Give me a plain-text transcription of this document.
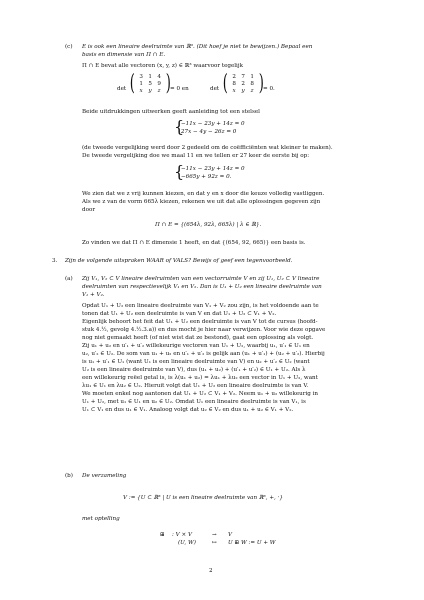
(c) E is ook een lineaire deelruimte van ℝ³. (Dit hoef je niet te bewijzen.) Bepaal een
basis en dimensie van Π ∩ E.
Π ∩ E bevat alle vectoren (x, y, z) ∈ ℝ³ waarvoor tegelijk
det ( 3 1 4
1 5 9
x	y	z ) = 0 en	det ( 2 7 1
8 2 8
x	y	z ) = 0.
Beide uitdrukkingen uitwerken geeft aanleiding tot een stelsel
{
−11x − 23y + 14z = 0
27x − 4y − 26z = 0
(de tweede vergelijking werd door 2 gedeeld om de coëfficiënten wat kleiner te maken).
De tweede vergelijking doe we maal 11 en we tellen er 27 keer de eerste bij op:
{
−11x − 23y + 14z = 0
−665y + 92z = 0.
We zien dat we z vrij kunnen kiezen, en dat y en x door die keuze volledig vastliggen.
Als we z van de vorm 665λ kiezen, rekenen we uit dat alle oplossingen gegeven zijn
door
Π ∩ E = {(654λ, 92λ, 665λ) | λ ∈ ℝ}.
Zo vinden we dat Π ∩ E dimensie 1 heeft, en dat {(654, 92, 665)} een basis is.
3. Zijn de volgende uitspraken WAAR of VALS? Bewijs of geef een tegenvoorbeeld.
(a) Zij V₁, V₂ ⊂ V lineaire deelruimten van een vectorruimte V en zij U₁, U₂ ⊂ V lineaire
deelruimten van respectievelijk V₁ en V₂. Dan is U₁ + U₂ een lineaire deelruimte van
V₁ + V₂.
Opdat U₁ + U₂ een lineaire deelruimte van V₁ + V₂ zou zijn, is het voldoende aan te
tonen dat U₁ + U₂ een deelruimte is van V en dat U₁ + U₂ ⊂ V₁ + V₂.
Eigenlijk behoort het feit dat U₁ + U₂ een deelruimte is van V tot de cursus (hoofd-
stuk 4.½, gevolg 4.½.3.a)) en dus mocht je hier naar verwijzen. Voor wie deze opgave
nog niet gemaakt heeft (of niet wist dat ze bestond), gaat een oplossing als volgt.
Zij u₁ + u₂ en u′₁ + u′₂ willekeurige vectoren van U₁ + U₂, waarbij u₁, u′₁ ∈ U₁ en
u₂, u′₂ ∈ U₂. De som van u₁ + u₂ en u′₁ + u′₂ is gelijk aan (u₁ + u′₁) + (u₂ + u′₂). Hierbij
is u₁ + u′₁ ∈ U₁ (want U₁ is een lineaire deelruimte van V) en u₂ + u′₂ ∈ U₂ (want
U₂ is een lineaire deelruimte van V), dus (u₁ + u₂) + (u′₁ + u′₂) ∈ U₁ + U₂. Als λ
een willekeurig reëel getal is, is λ(u₁ + u₂) = λu₁ + λu₂ een vector in U₁ + U₂, want
λu₁ ∈ U₁ en λu₂ ∈ U₂. Hieruit volgt dat U₁ + U₂ een lineaire deelruimte is van V.
We moeten enkel nog aantonen dat U₁ + U₂ ⊂ V₁ + V₂. Neem u₁ + u₂ willekeurig in
U₁ + U₂, met u₁ ∈ U₁ en u₂ ∈ U₂. Omdat U₁ een lineaire deelruimte is van V₁, is
U₁ ⊂ V₁ en dus u₁ ∈ V₁. Analoog volgt dat u₂ ∈ V₂ en dus u₁ + u₂ ∈ V₁ + V₂.
(b) De verzameling
V := {U ⊂ ℝ³ | U is een lineaire deelruimte van ℝ³, +, ·}
met optelling
⊞ : V × V	→ V
(U, W)	↦ U ⊞ W := U + W
2
